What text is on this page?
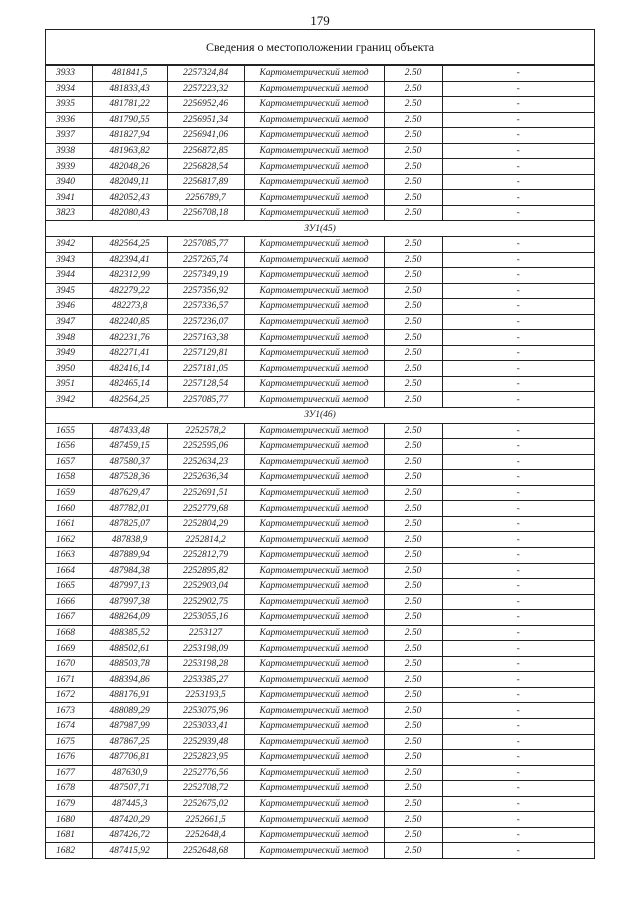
179
Сведения о местоположении границ объекта
3933	481841,5	2257324,84	Картометрический метод	2.50	-
3934	481833,43	2257223,32	Картометрический метод	2.50	-
3935	481781,22	2256952,46	Картометрический метод	2.50	-
3936	481790,55	2256951,34	Картометрический метод	2.50	-
3937	481827,94	2256941,06	Картометрический метод	2.50	-
3938	481963,82	2256872,85	Картометрический метод	2.50	-
3939	482048,26	2256828,54	Картометрический метод	2.50	-
3940	482049,11	2256817,89	Картометрический метод	2.50	-
3941	482052,43	2256789,7	Картометрический метод	2.50	-
3823	482080,43	2256708,18	Картометрический метод	2.50	-
ЗУ1(45)					
3942	482564,25	2257085,77	Картометрический метод	2.50	-
3943	482394,41	2257265,74	Картометрический метод	2.50	-
3944	482312,99	2257349,19	Картометрический метод	2.50	-
3945	482279,22	2257356,92	Картометрический метод	2.50	-
3946	482273,8	2257336,57	Картометрический метод	2.50	-
3947	482240,85	2257236,07	Картометрический метод	2.50	-
3948	482231,76	2257163,38	Картометрический метод	2.50	-
3949	482271,41	2257129,81	Картометрический метод	2.50	-
3950	482416,14	2257181,05	Картометрический метод	2.50	-
3951	482465,14	2257128,54	Картометрический метод	2.50	-
3942	482564,25	2257085,77	Картометрический метод	2.50	-
ЗУ1(46)					
1655	487433,48	2252578,2	Картометрический метод	2.50	-
1656	487459,15	2252595,06	Картометрический метод	2.50	-
1657	487580,37	2252634,23	Картометрический метод	2.50	-
1658	487528,36	2252636,34	Картометрический метод	2.50	-
1659	487629,47	2252691,51	Картометрический метод	2.50	-
1660	487782,01	2252779,68	Картометрический метод	2.50	-
1661	487825,07	2252804,29	Картометрический метод	2.50	-
1662	487838,9	2252814,2	Картометрический метод	2.50	-
1663	487889,94	2252812,79	Картометрический метод	2.50	-
1664	487984,38	2252895,82	Картометрический метод	2.50	-
1665	487997,13	2252903,04	Картометрический метод	2.50	-
1666	487997,38	2252902,75	Картометрический метод	2.50	-
1667	488264,09	2253055,16	Картометрический метод	2.50	-
1668	488385,52	2253127	Картометрический метод	2.50	-
1669	488502,61	2253198,09	Картометрический метод	2.50	-
1670	488503,78	2253198,28	Картометрический метод	2.50	-
1671	488394,86	2253385,27	Картометрический метод	2.50	-
1672	488176,91	2253193,5	Картометрический метод	2.50	-
1673	488089,29	2253075,96	Картометрический метод	2.50	-
1674	487987,99	2253033,41	Картометрический метод	2.50	-
1675	487867,25	2252939,48	Картометрический метод	2.50	-
1676	487706,81	2252823,95	Картометрический метод	2.50	-
1677	487630,9	2252776,56	Картометрический метод	2.50	-
1678	487507,71	2252708,72	Картометрический метод	2.50	-
1679	487445,3	2252675,02	Картометрический метод	2.50	-
1680	487420,29	2252661,5	Картометрический метод	2.50	-
1681	487426,72	2252648,4	Картометрический метод	2.50	-
1682	487415,92	2252648,68	Картометрический метод	2.50	-
